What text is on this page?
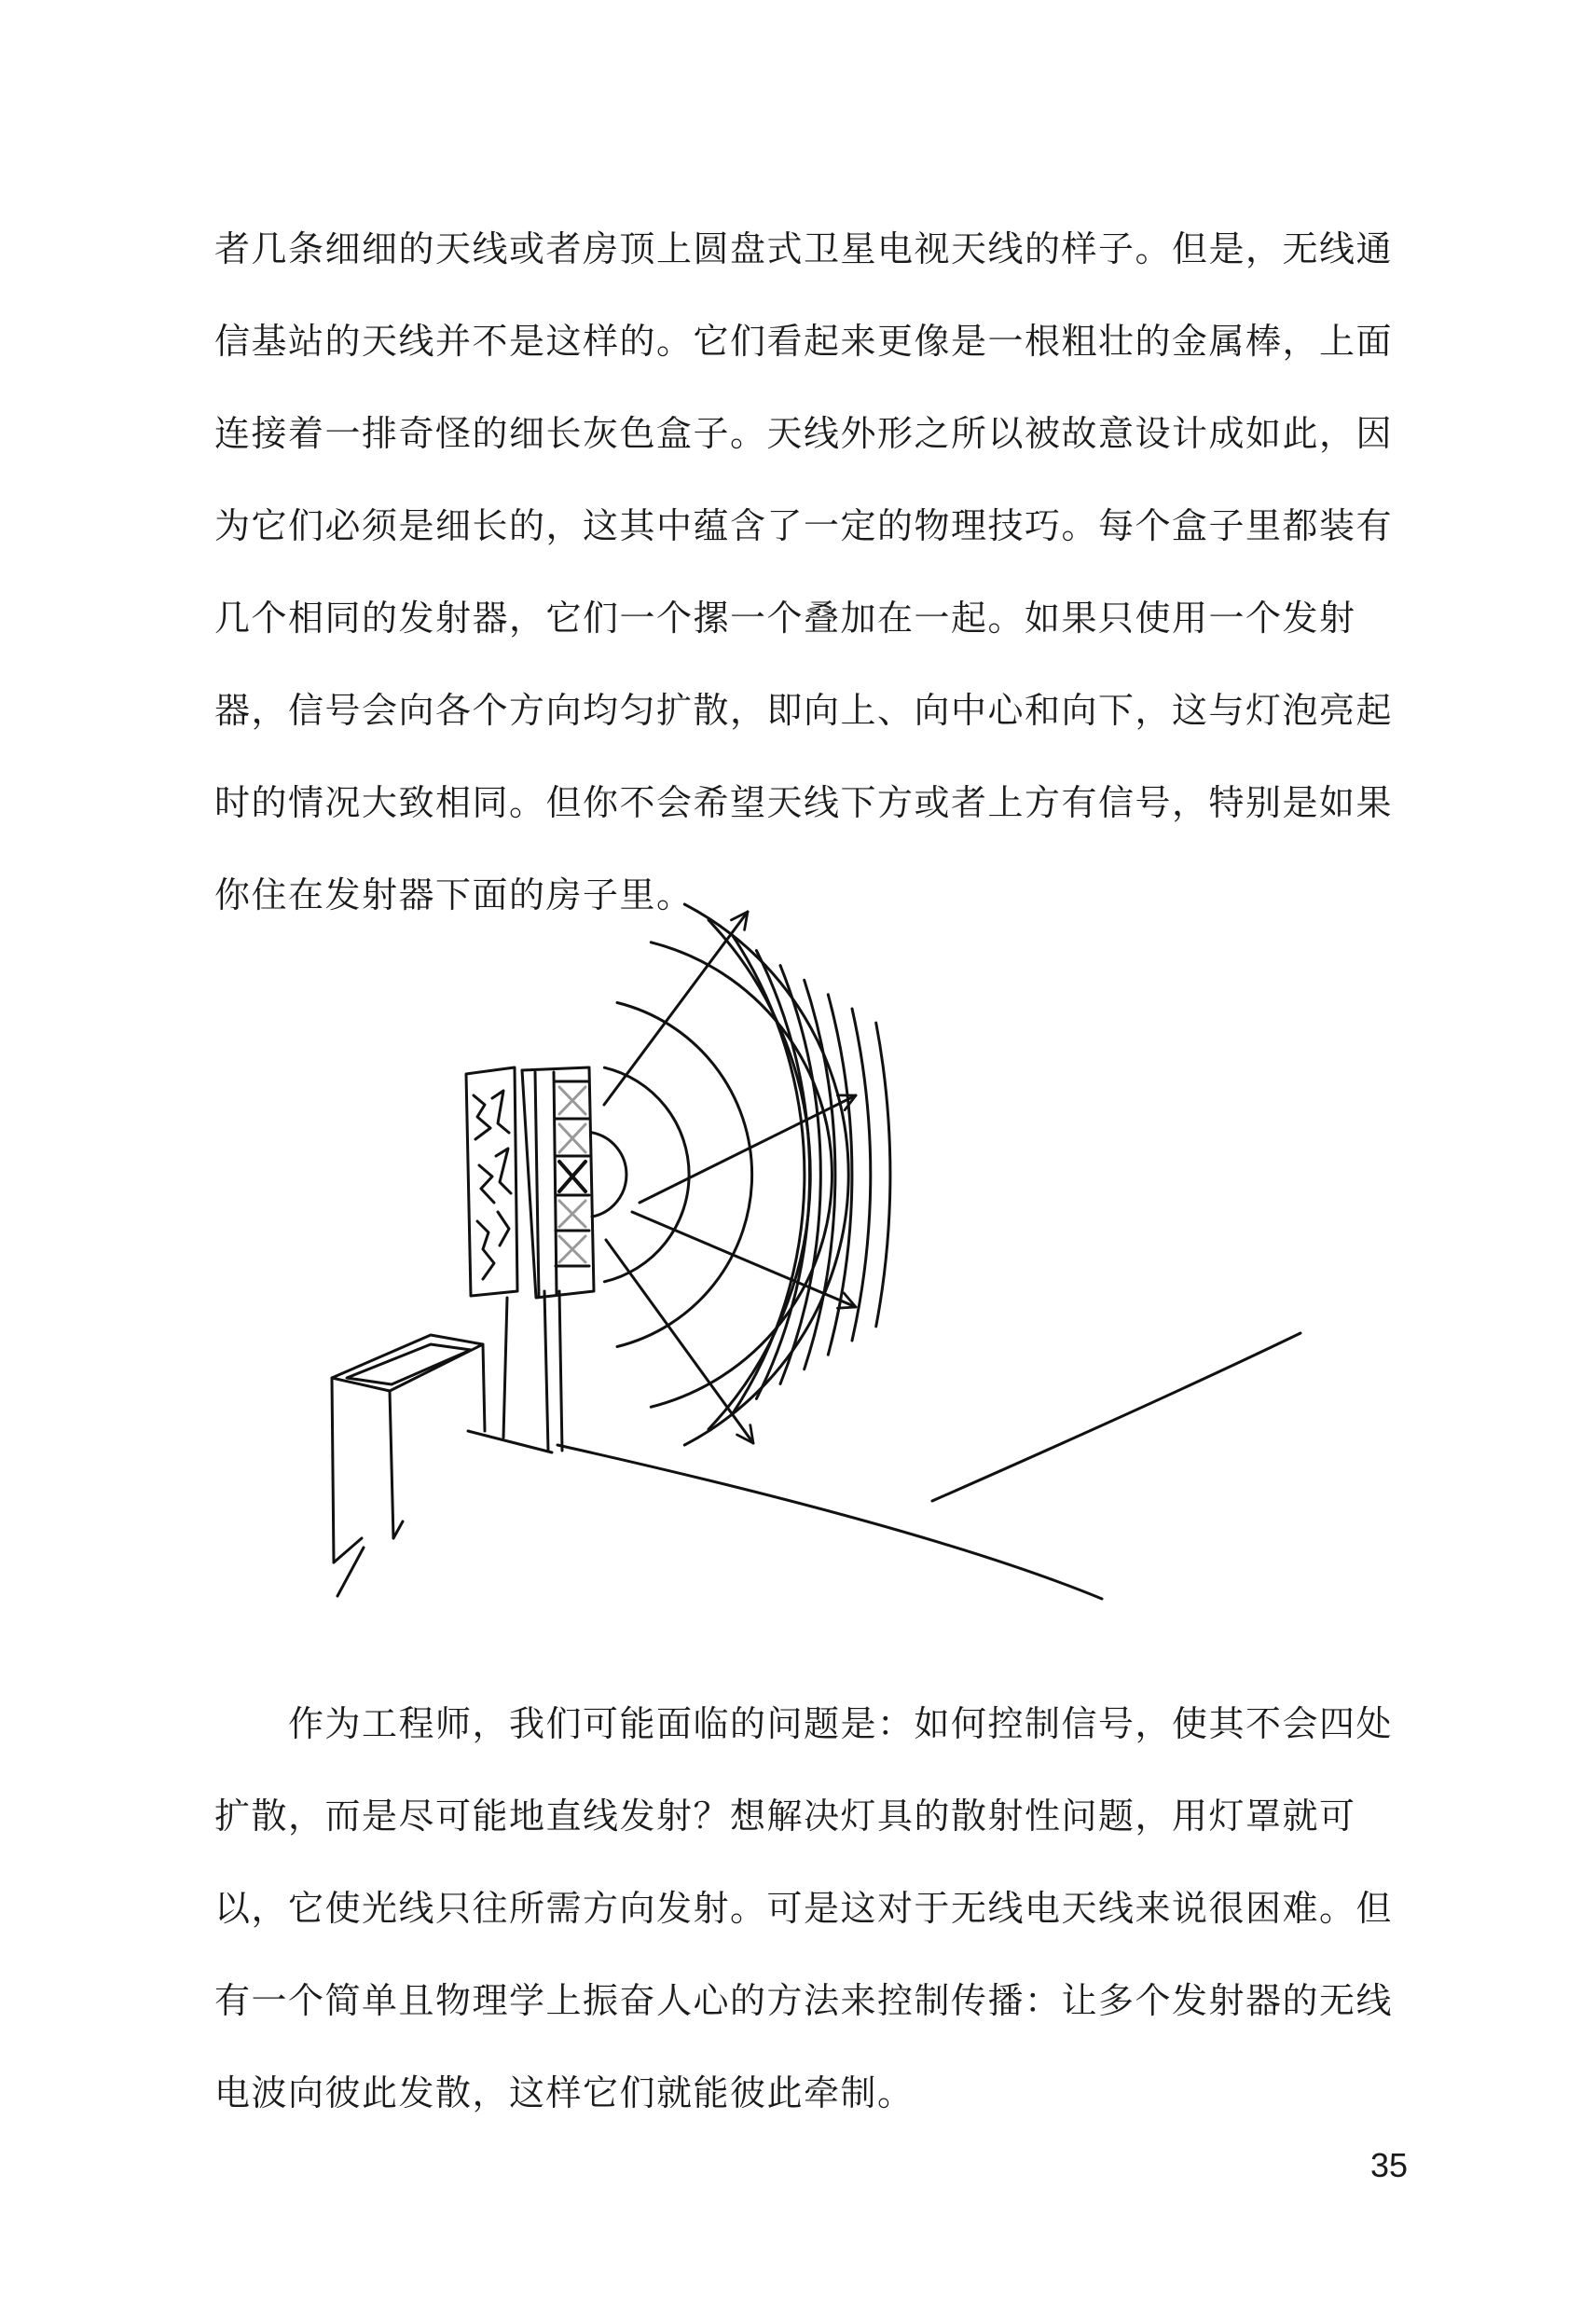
者几条细细的天线或者房顶上圆盘式卫星电视天线的样子。但是，无线通
信基站的天线并不是这样的。它们看起来更像是一根粗壮的金属棒，上面
连接着一排奇怪的细长灰色盒子。天线外形之所以被故意设计成如此，因
为它们必须是细长的，这其中蕴含了一定的物理技巧。每个盒子里都装有
几个相同的发射器，它们一个摞一个叠加在一起。如果只使用一个发射
器，信号会向各个方向均匀扩散，即向上、向中心和向下，这与灯泡亮起
时的情况大致相同。但你不会希望天线下方或者上方有信号，特别是如果
你住在发射器下面的房子里。
　　作为工程师，我们可能面临的问题是：如何控制信号，使其不会四处
扩散，而是尽可能地直线发射？想解决灯具的散射性问题，用灯罩就可
以，它使光线只往所需方向发射。可是这对于无线电天线来说很困难。但
有一个简单且物理学上振奋人心的方法来控制传播：让多个发射器的无线
电波向彼此发散，这样它们就能彼此牵制。
35
